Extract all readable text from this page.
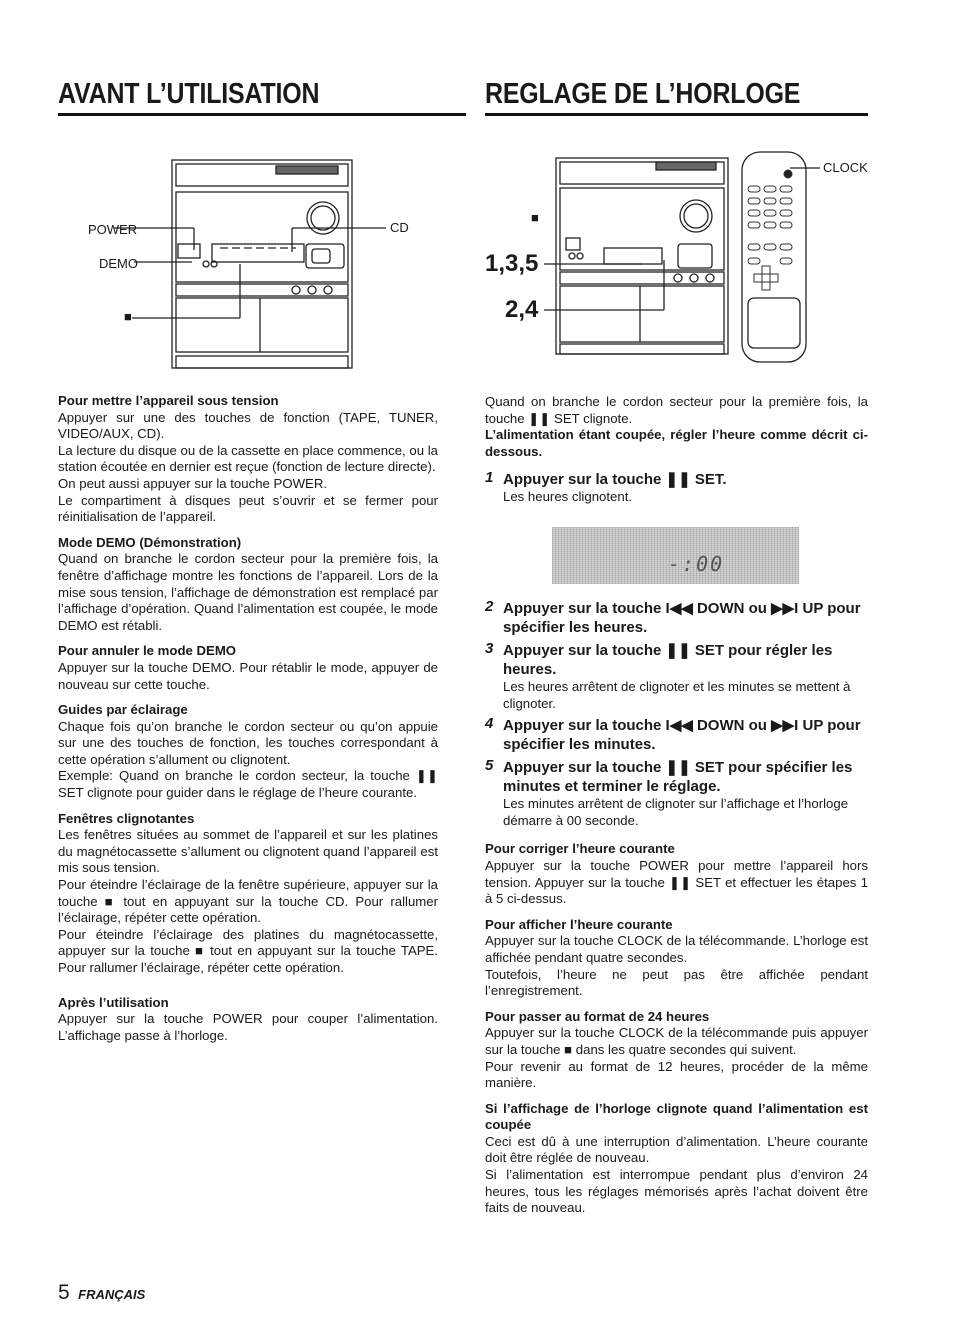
AVANT L’UTILISATION	REGLAGE DE L’HORLOGE
POWER
DEMO
■
CD
■
1,3,5
2,4
CLOCK

Pour mettre l’appareil sous tension

Appuyer sur une des touches de fonction (TAPE, TUNER, VIDEO/AUX, CD).

La lecture du disque ou de la cassette en place commence, ou la station écoutée en dernier est reçue (fonction de lecture directe).

On peut aussi appuyer sur la touche POWER.

Le compartiment à disques peut s’ouvrir et se fermer pour réinitialisation de l’appareil.

Mode DEMO (Démonstration)

Quand on branche le cordon secteur pour la première fois, la fenêtre d’affichage montre les fonctions de l’appareil. Lors de la mise sous tension, l’affichage de démonstration est remplacé par l’affichage d’opération. Quand l’alimentation est coupée, le mode DEMO est rétabli.

Pour annuler le mode DEMO

Appuyer sur la touche DEMO. Pour rétablir le mode, appuyer de nouveau sur cette touche.

Guides par éclairage

Chaque fois qu’on branche le cordon secteur ou qu’on appuie sur une des touches de fonction, les touches correspondant à cette opération s’allument ou clignotent.

Exemple: Quand on branche le cordon secteur, la touche ❚❚ SET clignote pour guider dans le réglage de l’heure courante.

Fenêtres clignotantes

Les fenêtres situées au sommet de l’appareil et sur les platines du magnétocassette s’allument ou clignotent quand l’appareil est mis sous tension.

Pour éteindre l’éclairage de la fenêtre supérieure, appuyer sur la touche ■ tout en appuyant sur la touche CD. Pour rallumer l’éclairage, répéter cette opération.

Pour éteindre l’éclairage des platines du magnétocassette, appuyer sur la touche ■ tout en appuyant sur la touche TAPE. Pour rallumer l’éclairage, répéter cette opération.

Après l’utilisation

Appuyer sur la touche POWER pour couper l’alimentation. L’affichage passe à l’horloge.

Quand on branche le cordon secteur pour la première fois, la touche ❚❚ SET clignote.

L’alimentation étant coupée, régler l’heure comme décrit ci-dessous.

1 Appuyer sur la touche ❚❚ SET.
Les heures clignotent.
-:00
2 Appuyer sur la touche I◀◀ DOWN ou ▶▶I UP pour spécifier les heures.
3 Appuyer sur la touche ❚❚ SET pour régler les heures.
Les heures arrêtent de clignoter et les minutes se mettent à clignoter.
4 Appuyer sur la touche I◀◀ DOWN ou ▶▶I UP pour spécifier les minutes.
5 Appuyer sur la touche ❚❚ SET pour spécifier les minutes et terminer le réglage.
Les minutes arrêtent de clignoter sur l’affichage et l’horloge démarre à 00 seconde.

Pour corriger l’heure courante

Appuyer sur la touche POWER pour mettre l’appareil hors tension. Appuyer sur la touche ❚❚ SET et effectuer les étapes 1 à 5 ci-dessus.

Pour afficher l’heure courante

Appuyer sur la touche CLOCK de la télécommande. L’horloge est affichée pendant quatre secondes.

Toutefois, l’heure ne peut pas être affichée pendant l’enregistrement.

Pour passer au format de 24 heures

Appuyer sur la touche CLOCK de la télécommande puis appuyer sur la touche ■ dans les quatre secondes qui suivent.

Pour revenir au format de 12 heures, procéder de la même manière.

Si l’affichage de l’horloge clignote quand l’alimentation est coupée

Ceci est dû à une interruption d’alimentation. L’heure courante doit être réglée de nouveau.

Si l’alimentation est interrompue pendant plus d’environ 24 heures, tous les réglages mémorisés après l’achat doivent être faits de nouveau.

5 FRANÇAIS
